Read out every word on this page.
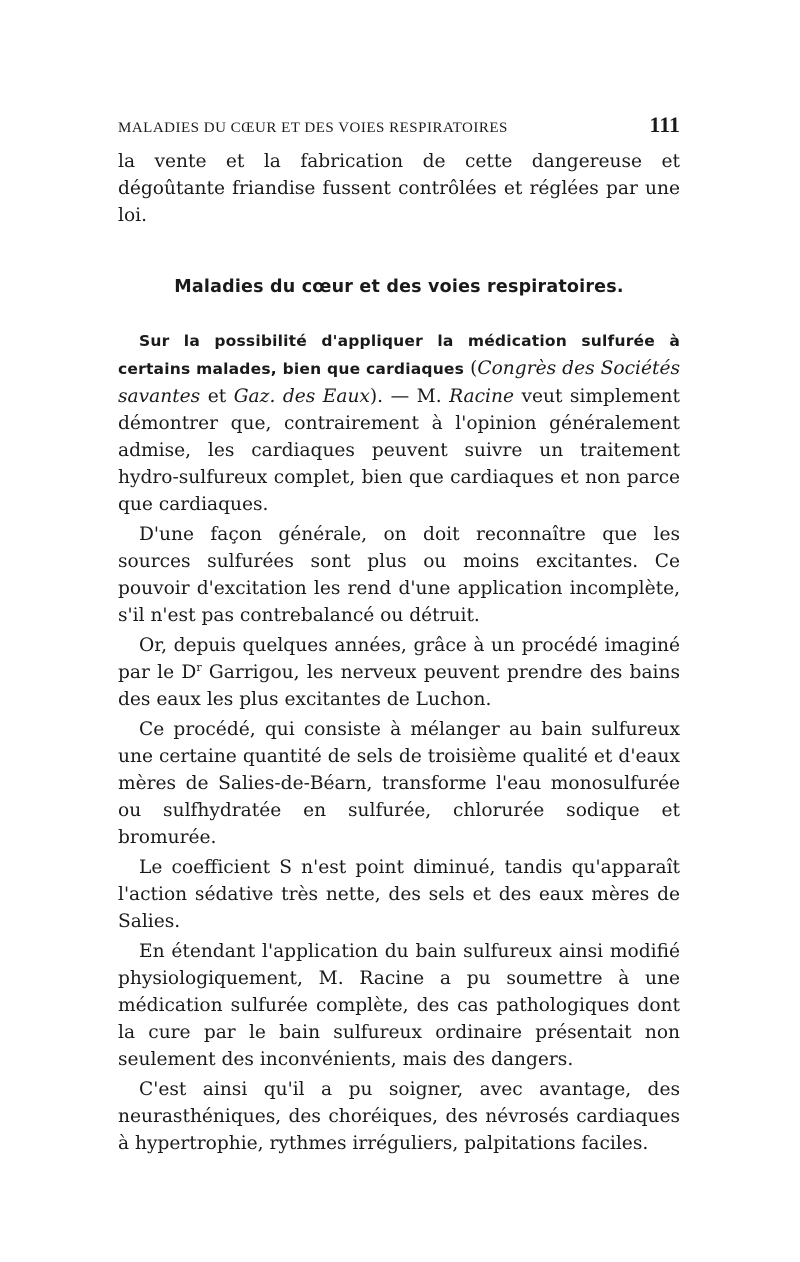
MALADIES DU CŒUR ET DES VOIES RESPIRATOIRES	111

la vente et la fabrication de cette dangereuse et dégoûtante friandise fussent contrôlées et réglées par une loi.

Maladies du cœur et des voies respiratoires.

Sur la possibilité d'appliquer la médication sulfurée à certains malades, bien que cardiaques (Congrès des Sociétés savantes et Gaz. des Eaux). — M. Racine veut simplement démontrer que, contrairement à l'opinion généralement admise, les cardiaques peuvent suivre un traitement hydro-sulfureux complet, bien que cardiaques et non parce que cardiaques.

D'une façon générale, on doit reconnaître que les sources sulfurées sont plus ou moins excitantes. Ce pouvoir d'excitation les rend d'une application incomplète, s'il n'est pas contrebalancé ou détruit.

Or, depuis quelques années, grâce à un procédé imaginé par le $D^r$ Garrigou, les nerveux peuvent prendre des bains des eaux les plus excitantes de Luchon.

Ce procédé, qui consiste à mélanger au bain sulfureux une certaine quantité de sels de troisième qualité et d'eaux mères de Salies-de-Béarn, transforme l'eau monosulfurée ou sulfhydratée en sulfurée, chlorurée sodique et bromurée.

Le coefficient S n'est point diminué, tandis qu'apparaît l'action sédative très nette, des sels et des eaux mères de Salies.

En étendant l'application du bain sulfureux ainsi modifié physiologiquement, M. Racine a pu soumettre à une médication sulfurée complète, des cas pathologiques dont la cure par le bain sulfureux ordinaire présentait non seulement des inconvénients, mais des dangers.

C'est ainsi qu'il a pu soigner, avec avantage, des neurasthéniques, des choréiques, des névrosés cardiaques à hypertrophie, rythmes irréguliers, palpitations faciles.
